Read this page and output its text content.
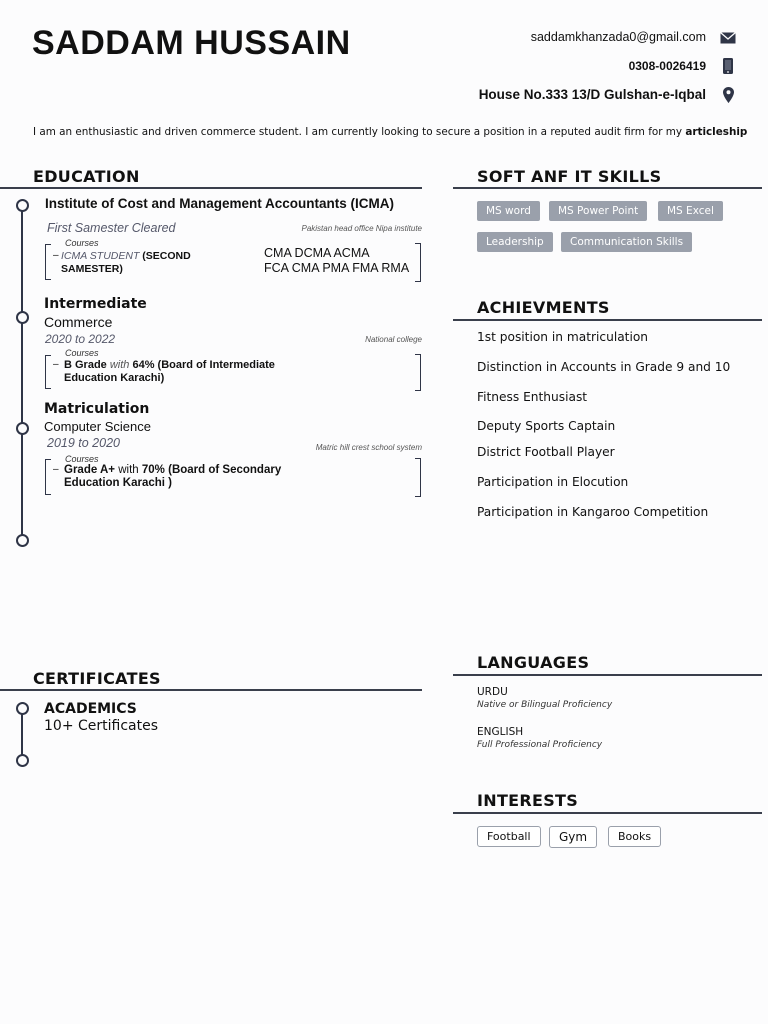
SADDAM HUSSAIN	saddamkhanzada0@gmail.com
0308-0026419
House No.333 13/D Gulshan-e-Iqbal
I am an enthusiastic and driven commerce student. I am currently looking to secure a position in a reputed audit firm for my articleship
EDUCATION
Institute of Cost and Management Accountants (ICMA)
First Samester Cleared	Pakistan head office Nipa institute
Courses
– ICMA STUDENT (SECOND SAMESTER)
CMA DCMA ACMA
FCA CMA PMA FMA RMA
Intermediate
Commerce
2020 to 2022	National college
Courses
– B Grade with 64% (Board of Intermediate Education Karachi)
Matriculation
Computer Science
2019 to 2020	Matric hill crest school system
Courses
– Grade A+ with 70% (Board of Secondary Education Karachi )
SOFT ANF IT SKILLS
MS word	MS Power Point	MS Excel
Leadership	Communication Skills
ACHIEVMENTS
1st position in matriculation
Distinction in Accounts in Grade 9 and 10
Fitness Enthusiast
Deputy Sports Captain
District Football Player
Participation in Elocution
Participation in Kangaroo Competition
CERTIFICATES
ACADEMICS
10+ Certificates
LANGUAGES
URDU
Native or Bilingual Proficiency
ENGLISH
Full Professional Proficiency
INTERESTS
Football	Gym	Books
